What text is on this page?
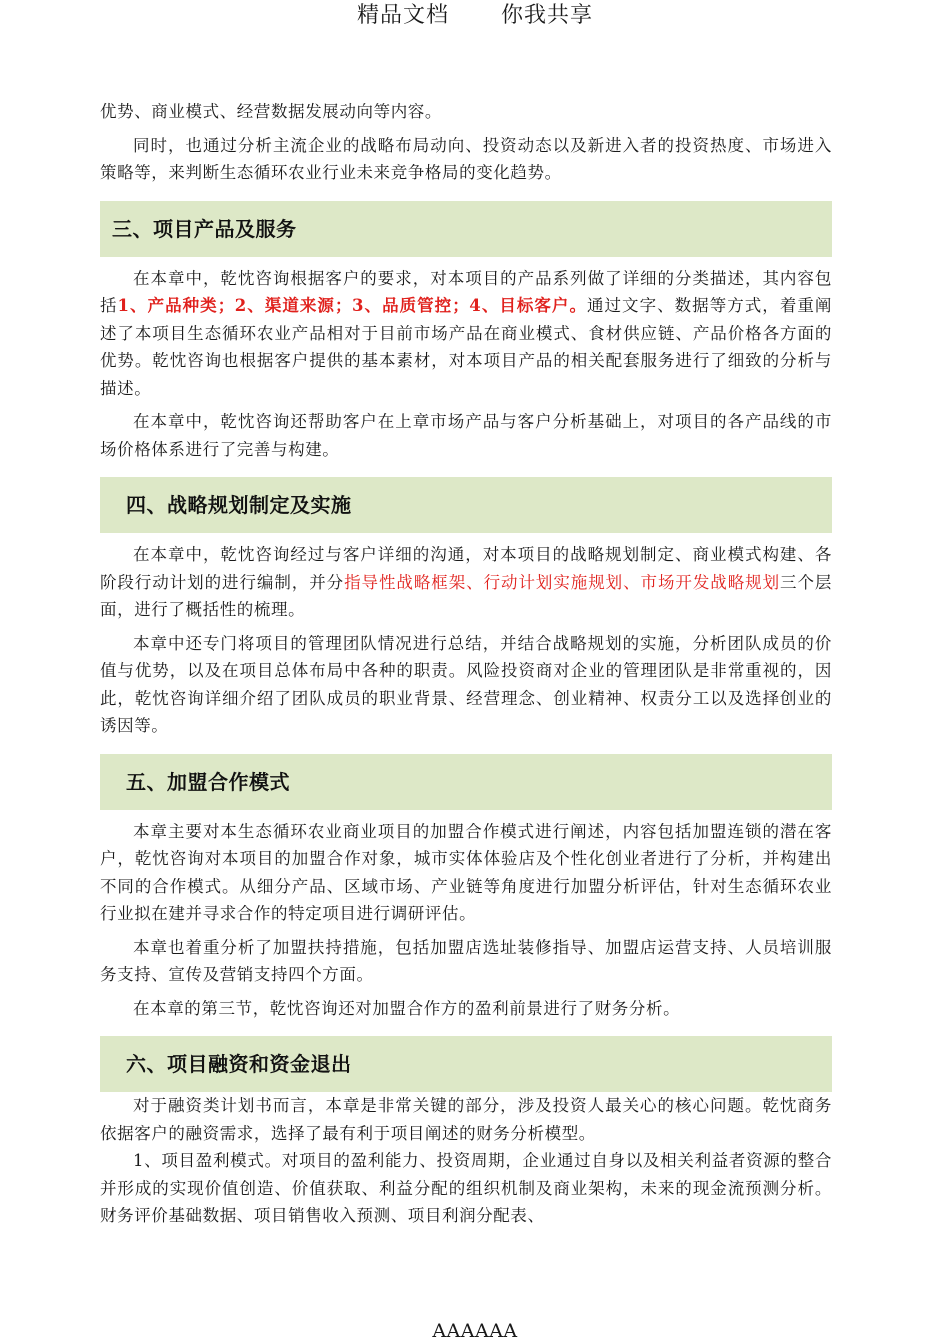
精品文档 你我共享

优势、商业模式、经营数据发展动向等内容。

同时，也通过分析主流企业的战略布局动向、投资动态以及新进入者的投资热度、市场进入策略等，来判断生态循环农业行业未来竞争格局的变化趋势。

三、项目产品及服务

在本章中，乾忱咨询根据客户的要求，对本项目的产品系列做了详细的分类描述，其内容包括1、产品种类；2、渠道来源；3、品质管控；4、目标客户。通过文字、数据等方式，着重阐述了本项目生态循环农业产品相对于目前市场产品在商业模式、食材供应链、产品价格各方面的优势。乾忱咨询也根据客户提供的基本素材，对本项目产品的相关配套服务进行了细致的分析与描述。

在本章中，乾忱咨询还帮助客户在上章市场产品与客户分析基础上，对项目的各产品线的市场价格体系进行了完善与构建。

四、战略规划制定及实施

在本章中，乾忱咨询经过与客户详细的沟通，对本项目的战略规划制定、商业模式构建、各阶段行动计划的进行编制，并分指导性战略框架、行动计划实施规划、市场开发战略规划三个层面，进行了概括性的梳理。

本章中还专门将项目的管理团队情况进行总结，并结合战略规划的实施，分析团队成员的价值与优势，以及在项目总体布局中各种的职责。风险投资商对企业的管理团队是非常重视的，因此，乾忱咨询详细介绍了团队成员的职业背景、经营理念、创业精神、权责分工以及选择创业的诱因等。

五、加盟合作模式

本章主要对本生态循环农业商业项目的加盟合作模式进行阐述，内容包括加盟连锁的潜在客户，乾忱咨询对本项目的加盟合作对象，城市实体体验店及个性化创业者进行了分析，并构建出不同的合作模式。从细分产品、区域市场、产业链等角度进行加盟分析评估，针对生态循环农业行业拟在建并寻求合作的特定项目进行调研评估。

本章也着重分析了加盟扶持措施，包括加盟店选址装修指导、加盟店运营支持、人员培训服务支持、宣传及营销支持四个方面。

在本章的第三节，乾忱咨询还对加盟合作方的盈利前景进行了财务分析。

六、项目融资和资金退出

对于融资类计划书而言，本章是非常关键的部分，涉及投资人最关心的核心问题。乾忱商务依据客户的融资需求，选择了最有利于项目阐述的财务分析模型。

1、项目盈利模式。对项目的盈利能力、投资周期，企业通过自身以及相关利益者资源的整合并形成的实现价值创造、价值获取、利益分配的组织机制及商业架构，未来的现金流预测分析。财务评价基础数据、项目销售收入预测、项目利润分配表、

AAAAAA
